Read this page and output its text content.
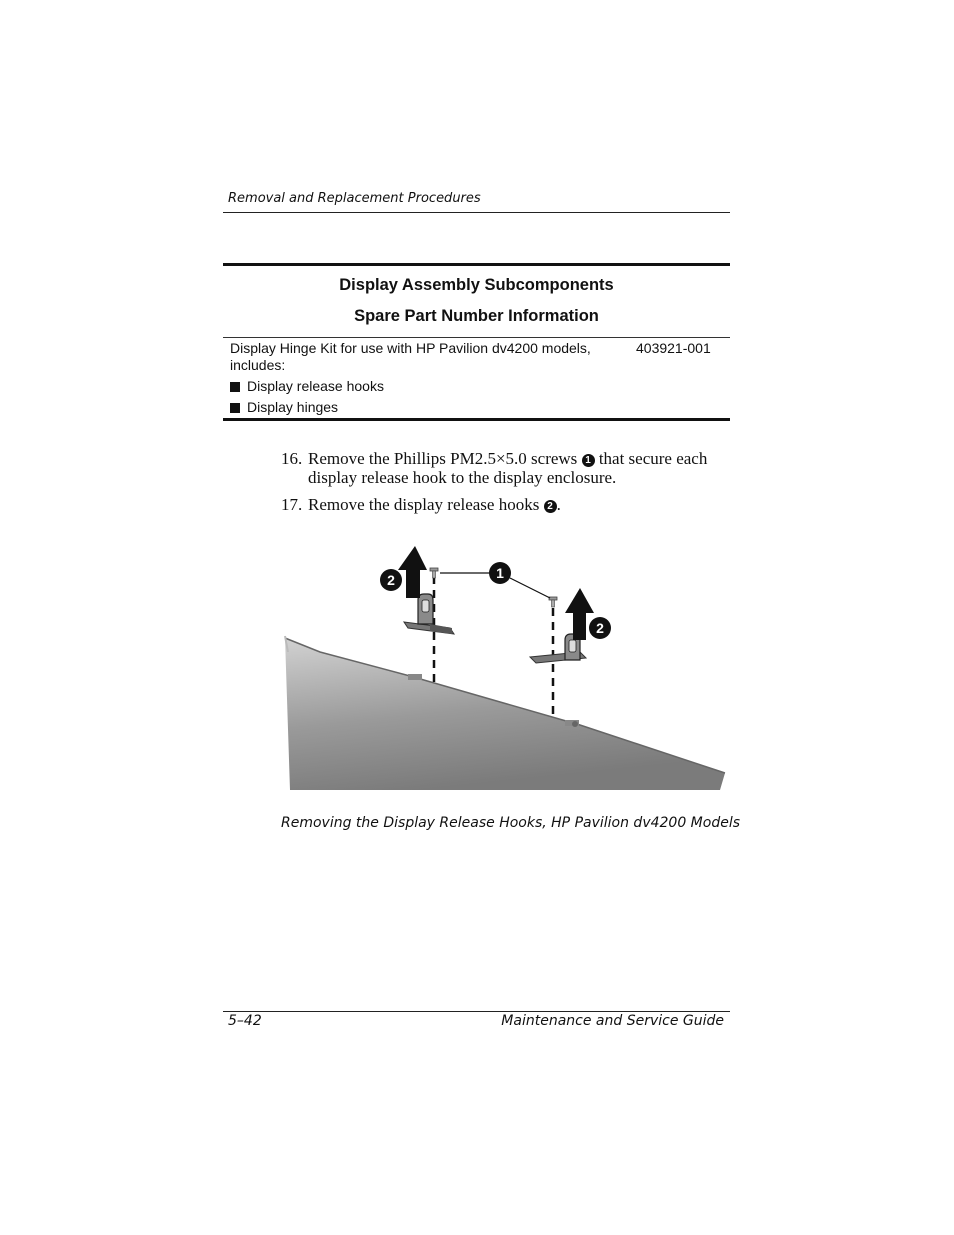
Removal and Replacement Procedures
Display Assembly Subcomponents
Spare Part Number Information
Display Hinge Kit for use with HP Pavilion dv4200 models, includes:
403921-001
Display release hooks
Display hinges
16. Remove the Phillips PM2.5×5.0 screws 1 that secure each display release hook to the display enclosure.
17. Remove the display release hooks 2 .
1
2
2
Removing the Display Release Hooks, HP Pavilion dv4200 Models
5–42	Maintenance and Service Guide
